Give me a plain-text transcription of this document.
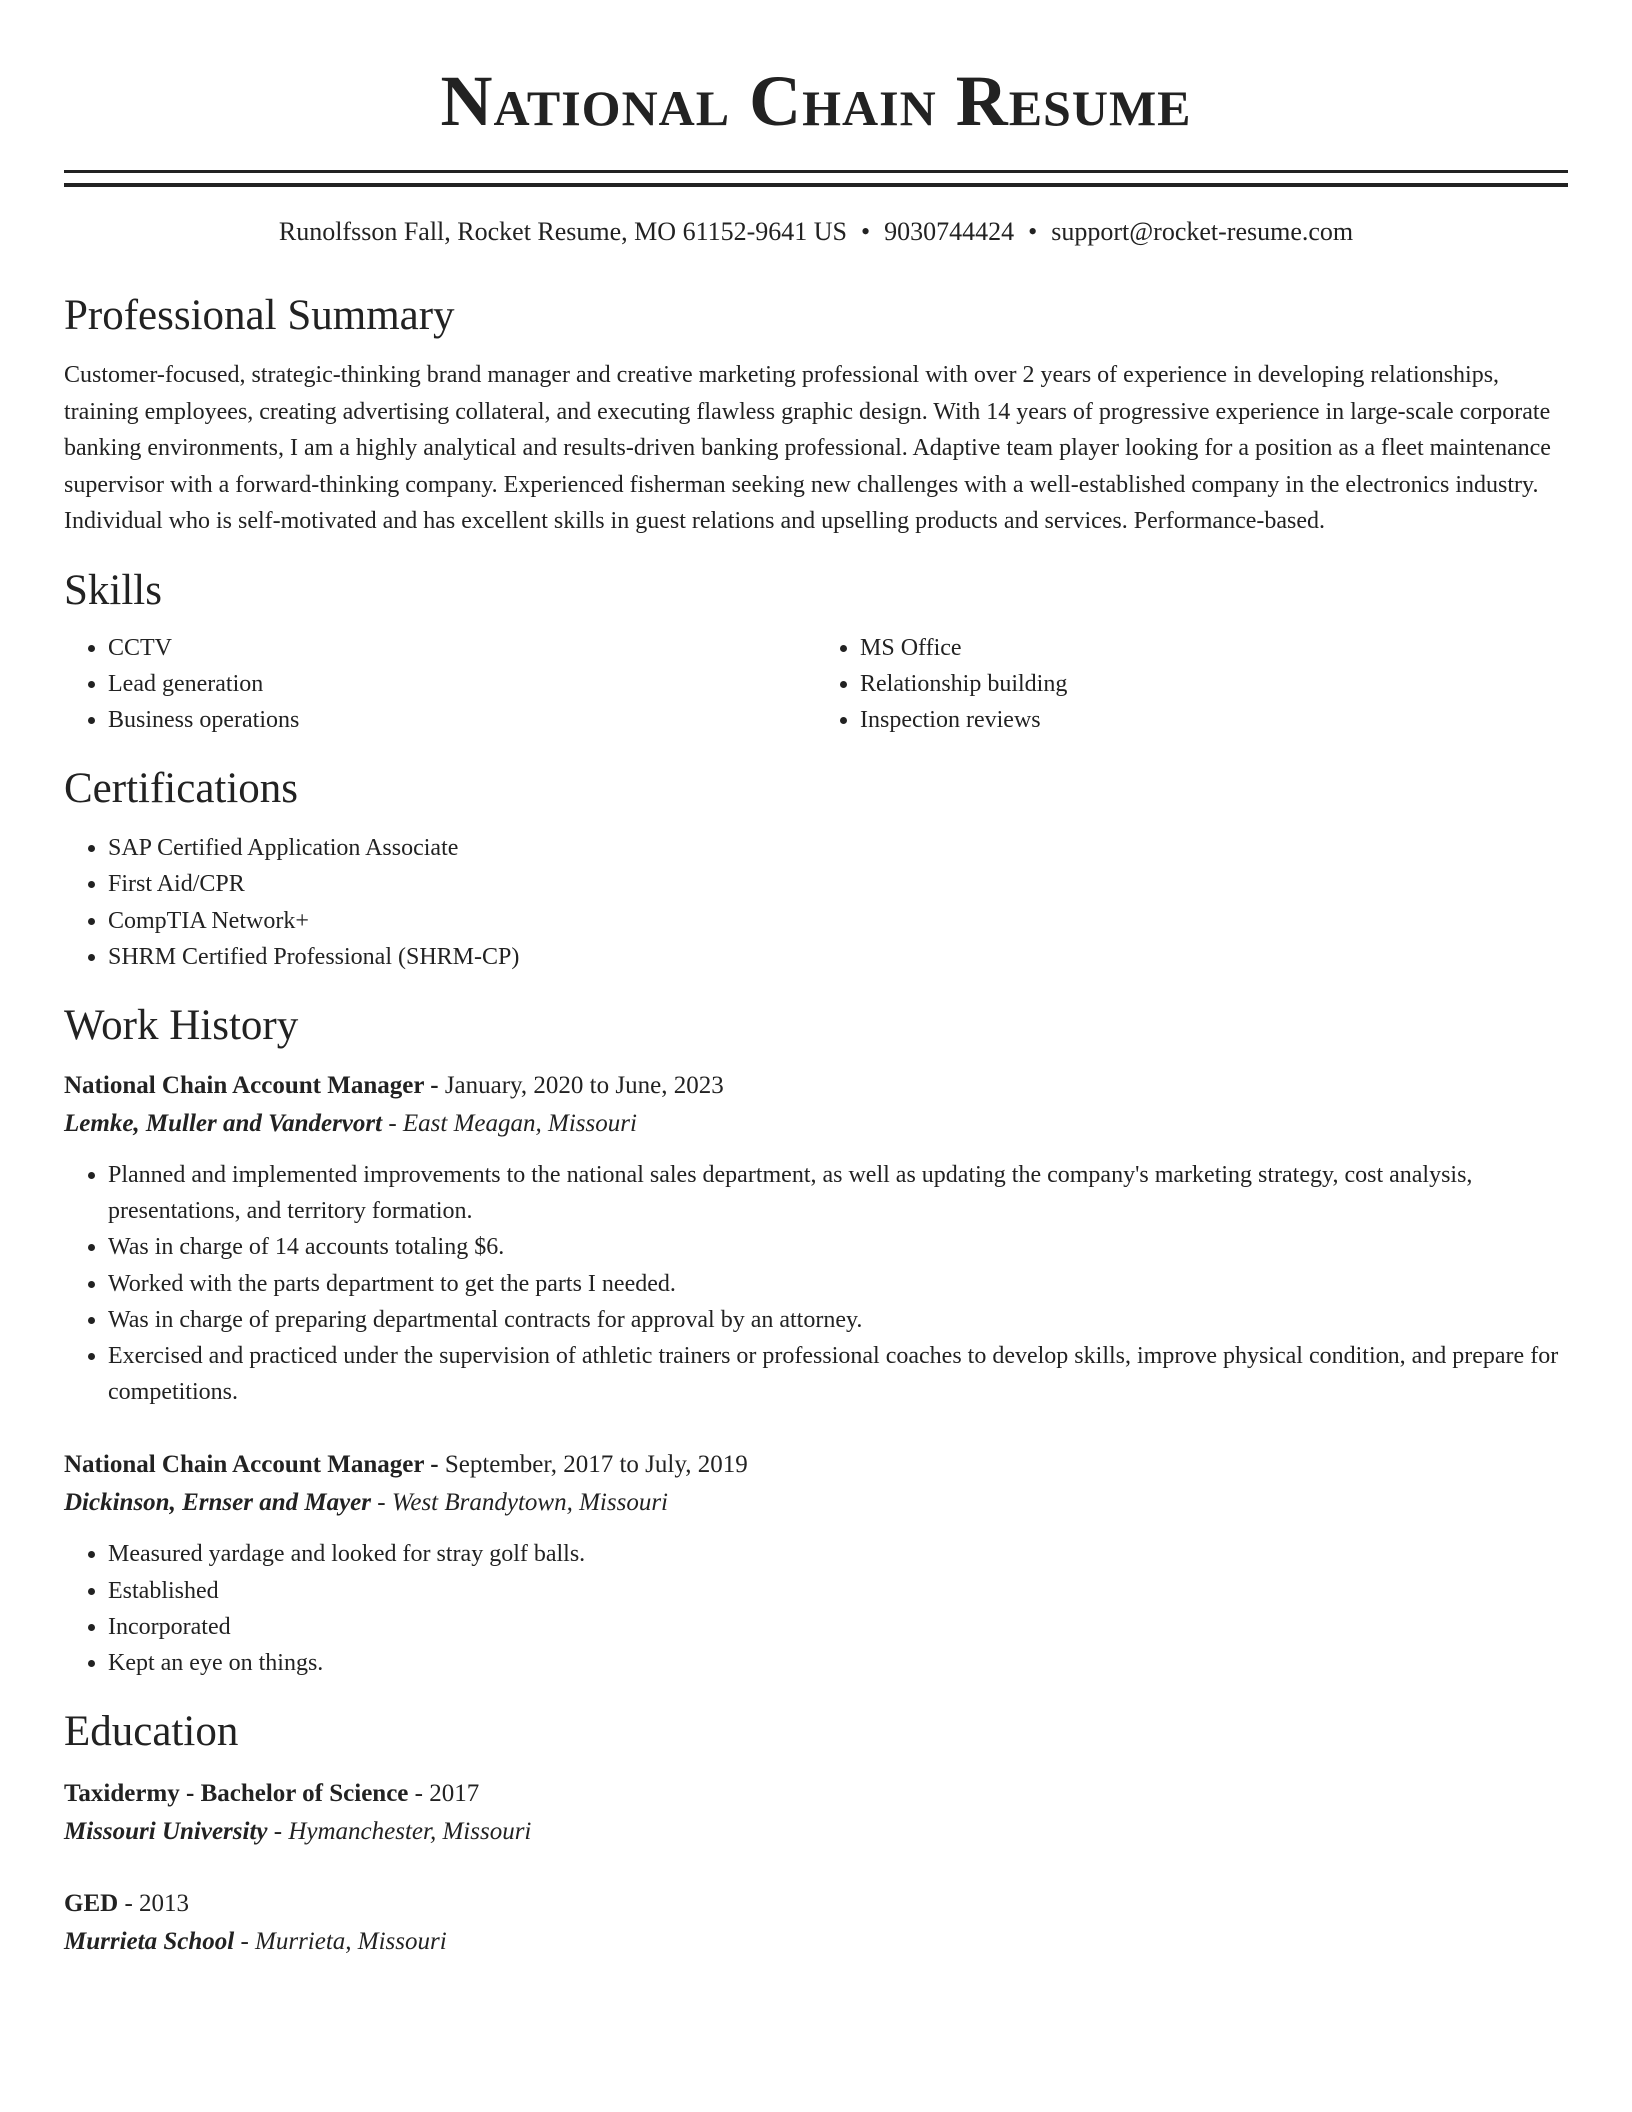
National Chain Resume
Runolfsson Fall, Rocket Resume, MO 61152-9641 US • 9030744424 • support@rocket-resume.com
Professional Summary

Customer-focused, strategic-thinking brand manager and creative marketing professional with over 2 years of experience in developing relationships, training employees, creating advertising collateral, and executing flawless graphic design. With 14 years of progressive experience in large-scale corporate banking environments, I am a highly analytical and results-driven banking professional. Adaptive team player looking for a position as a fleet maintenance supervisor with a forward-thinking company. Experienced fisherman seeking new challenges with a well-established company in the electronics industry. Individual who is self-motivated and has excellent skills in guest relations and upselling products and services. Performance-based.

Skills
• CCTV
• Lead generation
• Business operations
• MS Office
• Relationship building
• Inspection reviews
Certifications
• SAP Certified Application Associate
• First Aid/CPR
• CompTIA Network+
• SHRM Certified Professional (SHRM-CP)
Work History
National Chain Account Manager - January, 2020 to June, 2023
Lemke, Muller and Vandervort - East Meagan, Missouri
• Planned and implemented improvements to the national sales department, as well as updating the company's marketing strategy, cost analysis, presentations, and territory formation.
• Was in charge of 14 accounts totaling $6.
• Worked with the parts department to get the parts I needed.
• Was in charge of preparing departmental contracts for approval by an attorney.
• Exercised and practiced under the supervision of athletic trainers or professional coaches to develop skills, improve physical condition, and prepare for competitions.
National Chain Account Manager - September, 2017 to July, 2019
Dickinson, Ernser and Mayer - West Brandytown, Missouri
• Measured yardage and looked for stray golf balls.
• Established
• Incorporated
• Kept an eye on things.
Education
Taxidermy - Bachelor of Science - 2017
Missouri University - Hymanchester, Missouri
GED - 2013
Murrieta School - Murrieta, Missouri
